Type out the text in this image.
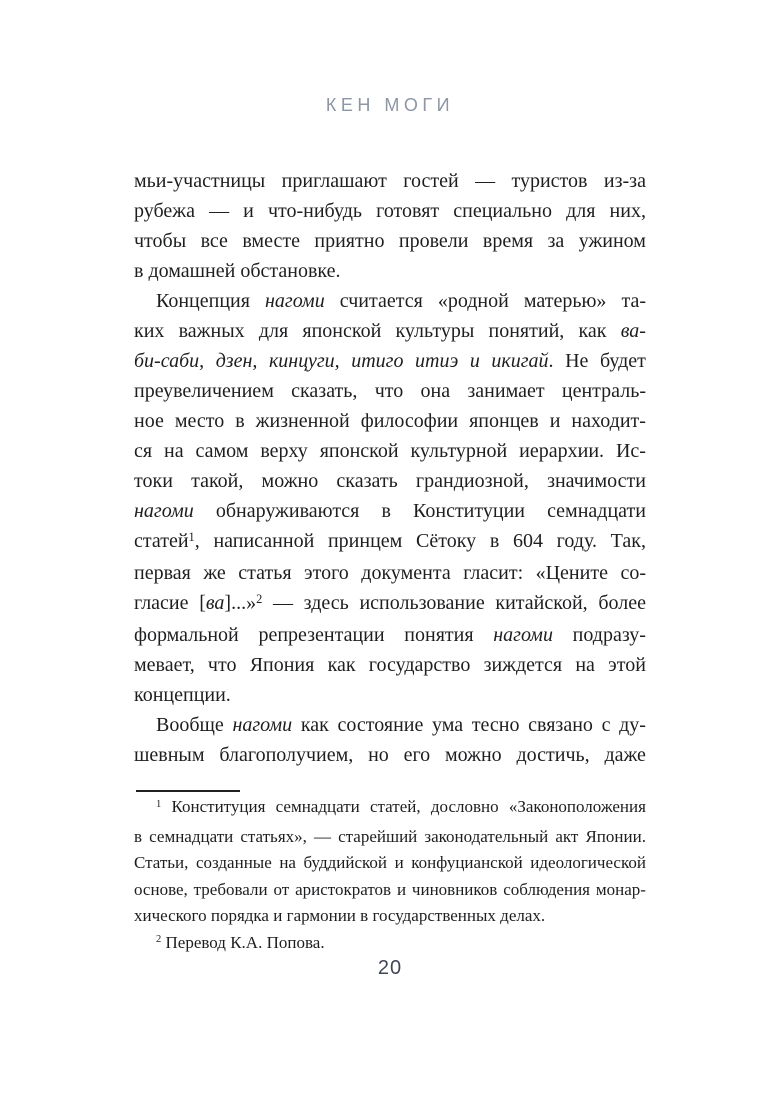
КЕН МОГИ
мьи-участницы приглашают гостей — туристов из-за
рубежа — и что-нибудь готовят специально для них,
чтобы все вместе приятно провели время за ужином
в домашней обстановке.
Концепция нагоми считается «родной матерью» та-
ких важных для японской культуры понятий, как ва-
би-саби, дзен, кинцуги, итиго итиэ и икигай. Не будет
преувеличением сказать, что она занимает централь-
ное место в жизненной философии японцев и находит-
ся на самом верху японской культурной иерархии. Ис-
токи такой, можно сказать грандиозной, значимости
нагоми обнаруживаются в Конституции семнадцати
статей$^1$, написанной принцем Сётоку в 604 году. Так,
первая же статья этого документа гласит: «Цените со-
гласие [ва]...»$^2$ — здесь использование китайской, более
формальной репрезентации понятия нагоми подразу-
мевает, что Япония как государство зиждется на этой
концепции.
Вообще нагоми как состояние ума тесно связано с ду-
шевным благополучием, но его можно достичь, даже
$^1$ Конституция семнадцати статей, дословно «Законоположения
в семнадцати статьях», — старейший законодательный акт Японии.
Статьи, созданные на буддийской и конфуцианской идеологической
основе, требовали от аристократов и чиновников соблюдения монар-
хического порядка и гармонии в государственных делах.
$^2$ Перевод К.А. Попова.
20
